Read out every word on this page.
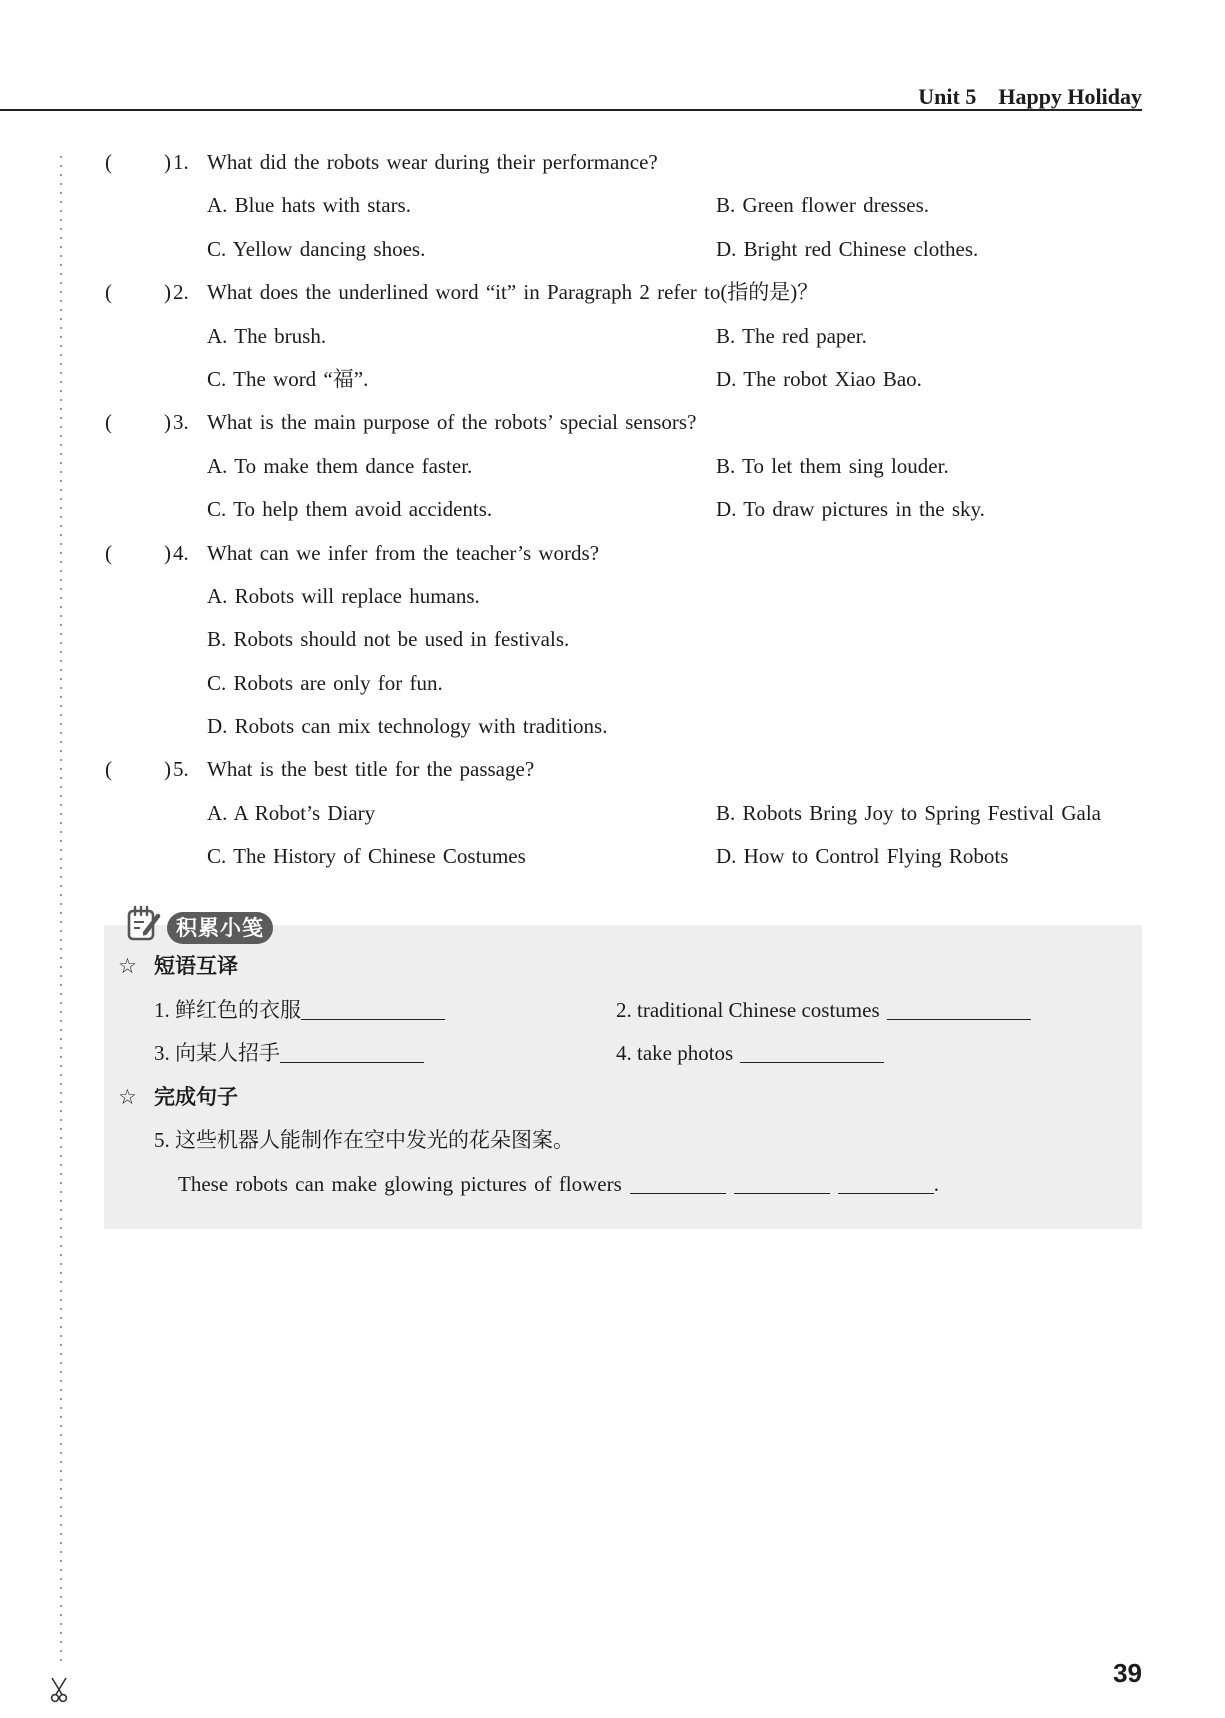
Unit 5 Happy Holiday
( ) 1. What did the robots wear during their performance?
A. Blue hats with stars.	B. Green flower dresses.
C. Yellow dancing shoes.	D. Bright red Chinese clothes.
( ) 2. What does the underlined word “it” in Paragraph 2 refer to(指的是)？
A. The brush.	B. The red paper.
C. The word “福”.	D. The robot Xiao Bao.
( ) 3. What is the main purpose of the robots’ special sensors?
A. To make them dance faster.	B. To let them sing louder.
C. To help them avoid accidents.	D. To draw pictures in the sky.
( ) 4. What can we infer from the teacher’s words?
A. Robots will replace humans.
B. Robots should not be used in festivals.
C. Robots are only for fun.
D. Robots can mix technology with traditions.
( ) 5. What is the best title for the passage?
A. A Robot’s Diary	B. Robots Bring Joy to Spring Festival Gala
C. The History of Chinese Costumes	D. How to Control Flying Robots
积累小笺
☆ 短语互译
1. 鲜红色的衣服	2. traditional Chinese costumes
3. 向某人招手	4. take photos
☆ 完成句子
5. 这些机器人能制作在空中发光的花朵图案。
These robots can make glowing pictures of flowers	.
39
